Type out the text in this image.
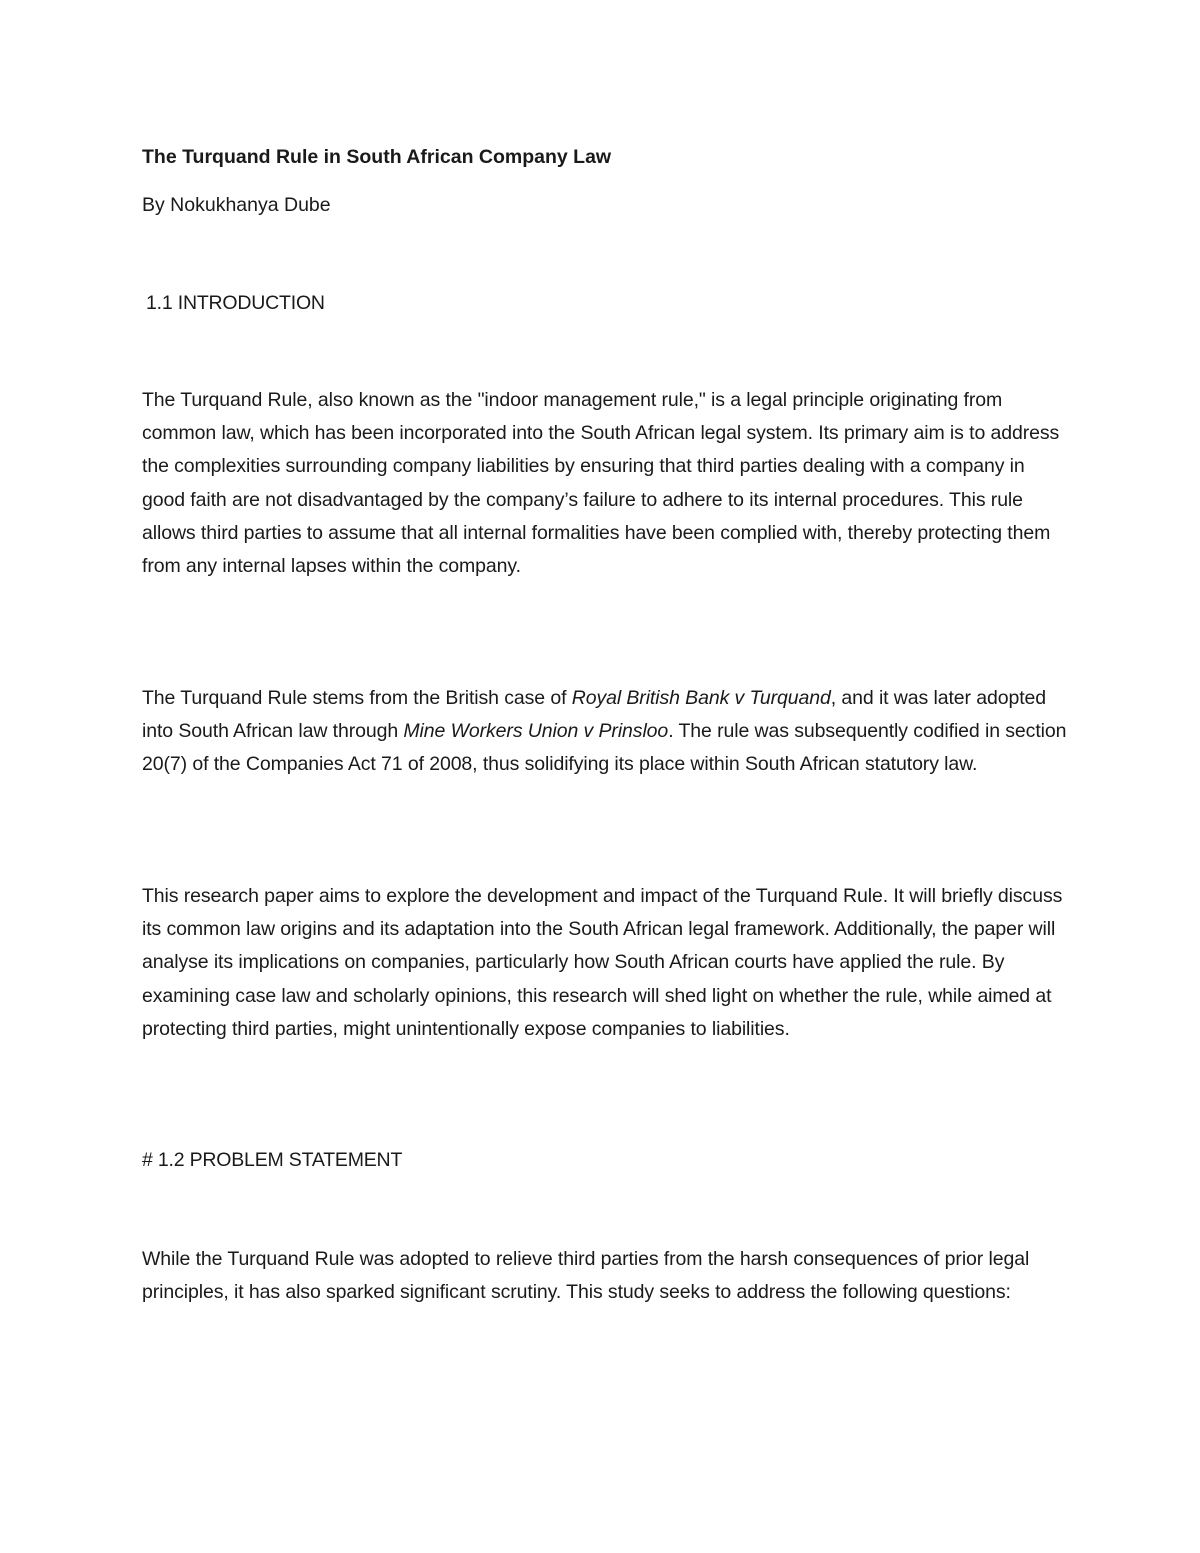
The Turquand Rule in South African Company Law

By Nokukhanya Dube

1.1 INTRODUCTION

The Turquand Rule, also known as the "indoor management rule," is a legal principle originating from common law, which has been incorporated into the South African legal system. Its primary aim is to address the complexities surrounding company liabilities by ensuring that third parties dealing with a company in good faith are not disadvantaged by the company’s failure to adhere to its internal procedures. This rule allows third parties to assume that all internal formalities have been complied with, thereby protecting them from any internal lapses within the company.

The Turquand Rule stems from the British case of Royal British Bank v Turquand, and it was later adopted into South African law through Mine Workers Union v Prinsloo. The rule was subsequently codified in section 20(7) of the Companies Act 71 of 2008, thus solidifying its place within South African statutory law.

This research paper aims to explore the development and impact of the Turquand Rule. It will briefly discuss its common law origins and its adaptation into the South African legal framework. Additionally, the paper will analyse its implications on companies, particularly how South African courts have applied the rule. By examining case law and scholarly opinions, this research will shed light on whether the rule, while aimed at protecting third parties, might unintentionally expose companies to liabilities.

# 1.2 PROBLEM STATEMENT

While the Turquand Rule was adopted to relieve third parties from the harsh consequences of prior legal principles, it has also sparked significant scrutiny. This study seeks to address the following questions:
